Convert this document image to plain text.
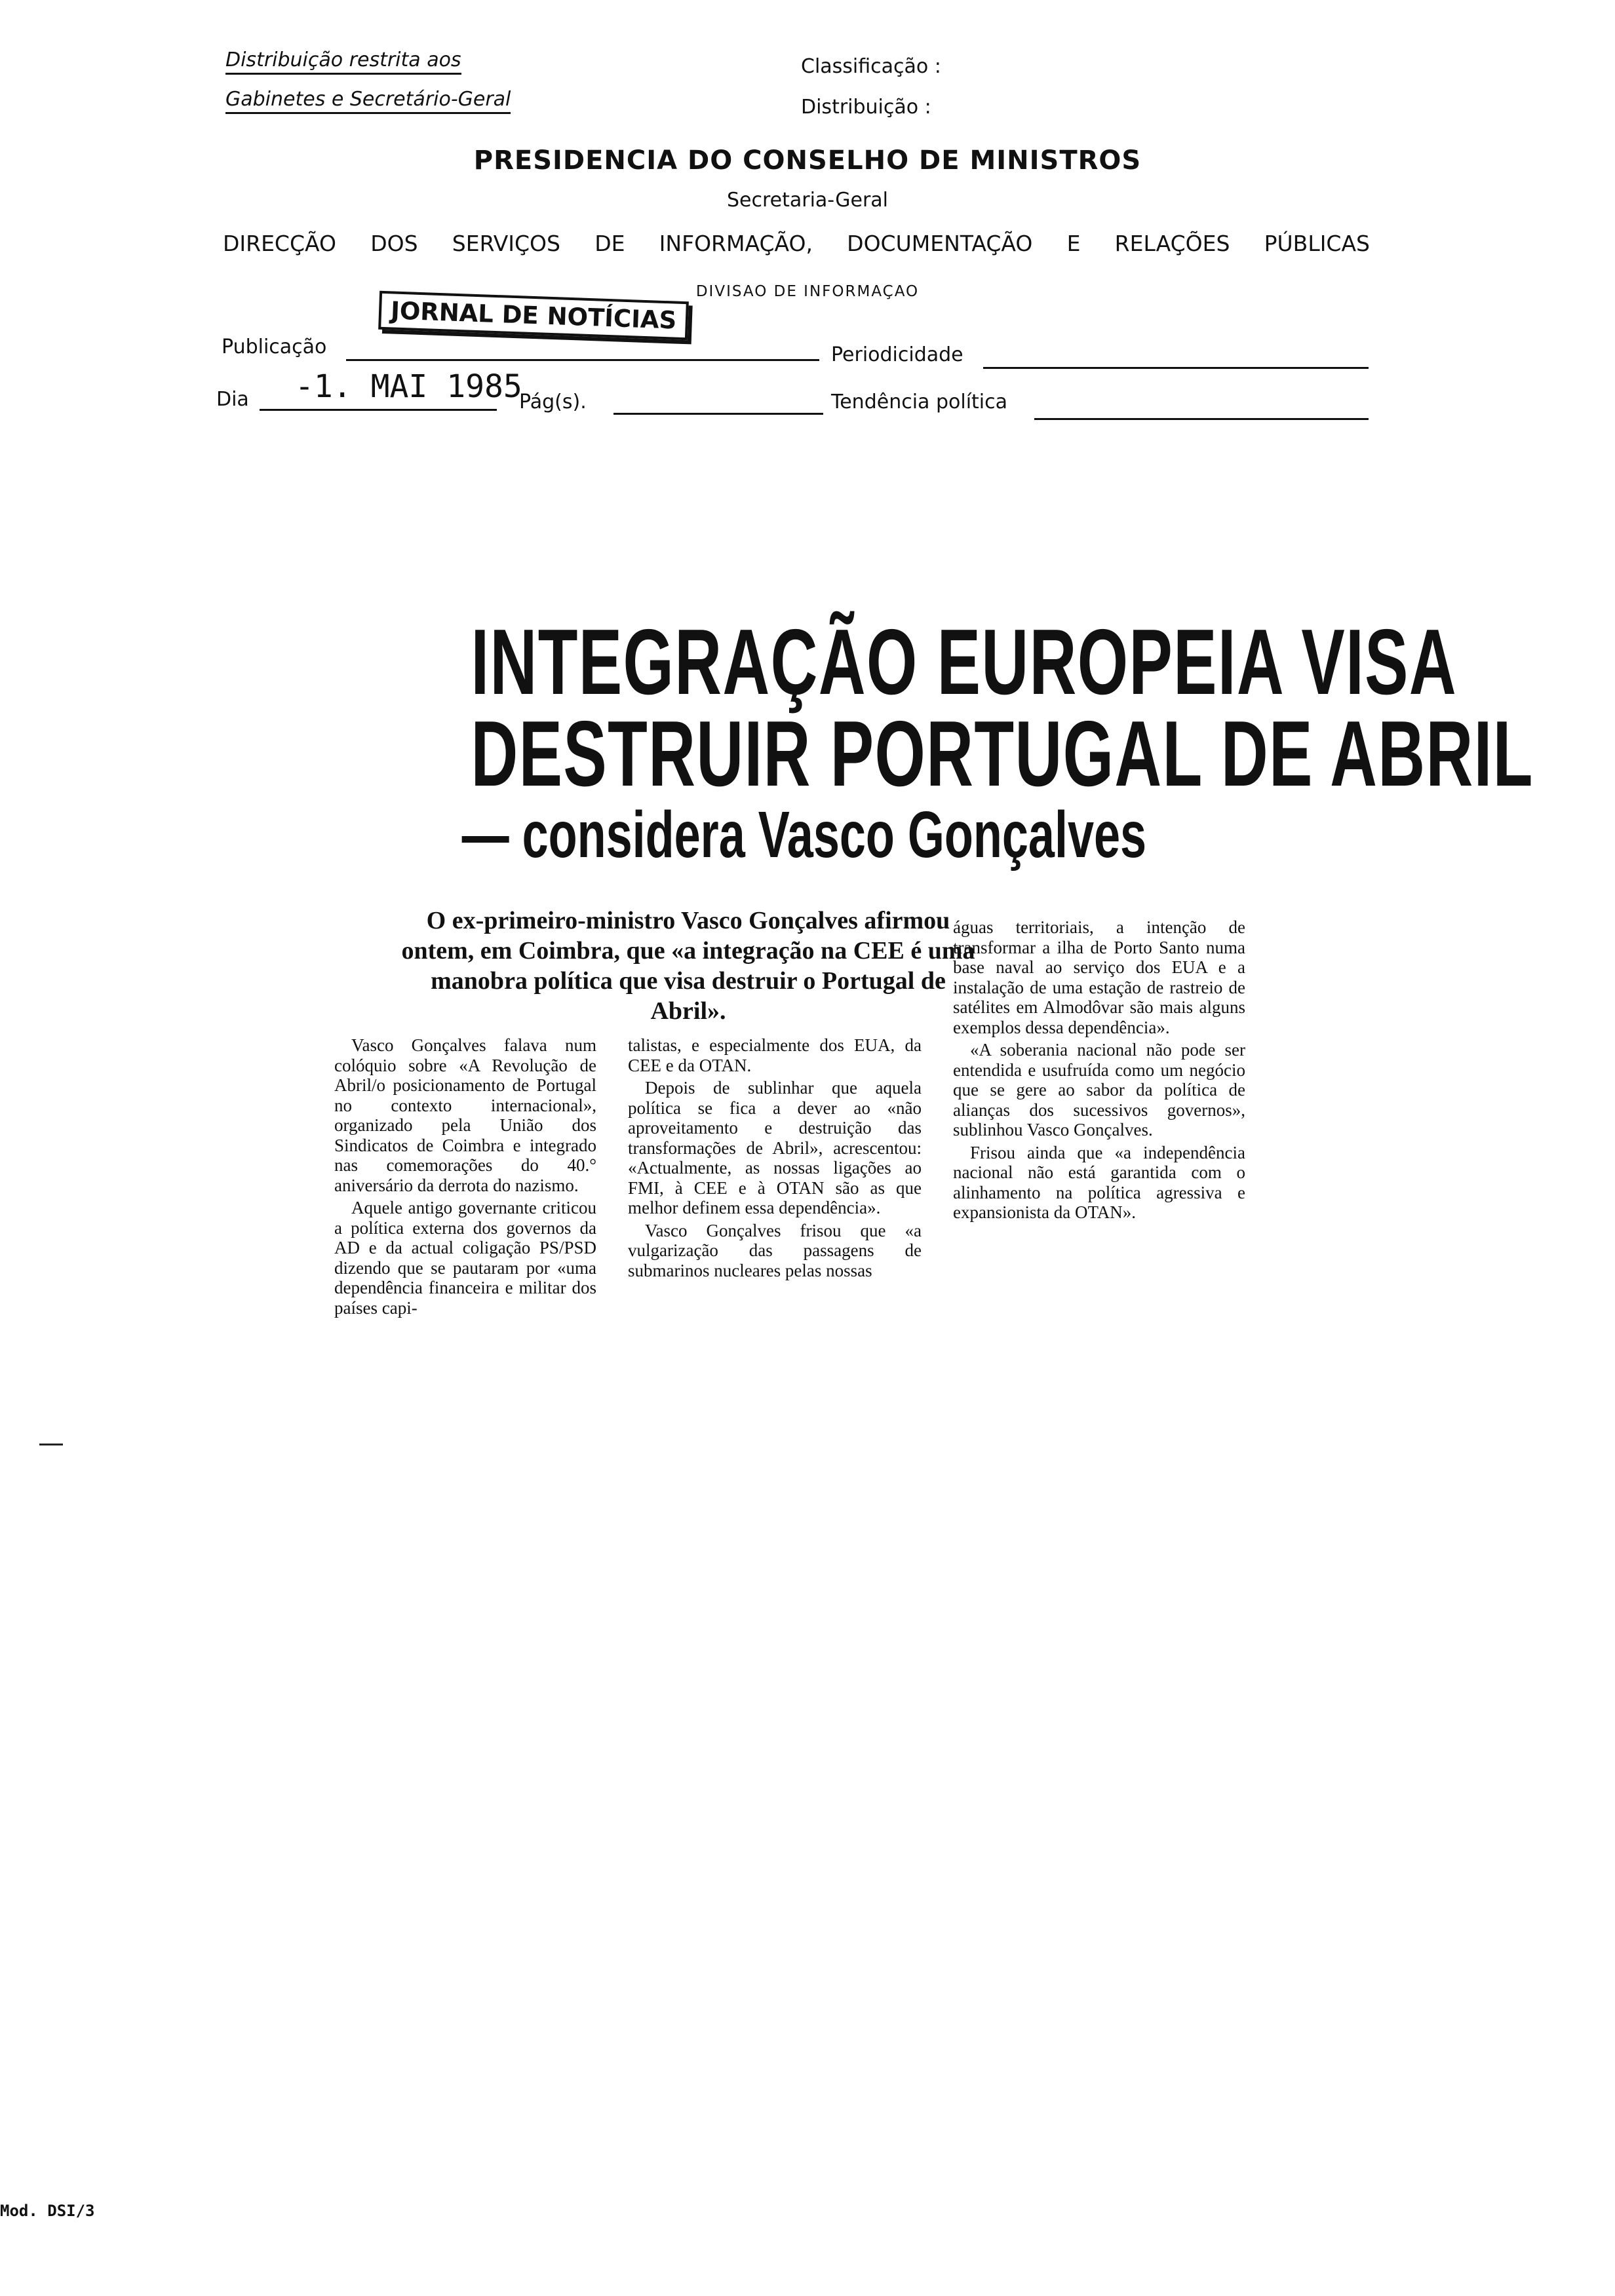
Distribuição restrita aos
Gabinetes e Secretário-Geral
Classificação :
Distribuição :
PRESIDENCIA DO CONSELHO DE MINISTROS
Secretaria-Geral
DIRECÇÃO DOS SERVIÇOS DE INFORMAÇÃO, DOCUMENTAÇÃO E RELAÇÕES PÚBLICAS
DIVISAO DE INFORMAÇAO
Publicação
JORNAL DE NOTÍCIAS
Periodicidade
Dia -1. MAI 1985
Pág(s).	Tendência política
INTEGRAÇÃO EUROPEIA VISA
DESTRUIR PORTUGAL DE ABRIL
— considera Vasco Gonçalves
O ex-primeiro-ministro Vasco Gonçalves afirmou ontem, em Coimbra, que «a integração na CEE é uma manobra política que visa destruir o Portugal de Abril».

Vasco Gonçalves falava num colóquio sobre «A Revolução de Abril/o posicionamento de Portugal no contexto internacional», organizado pela União dos Sindicatos de Coimbra e integrado nas comemorações do 40.° aniversário da derrota do nazismo.

Aquele antigo governante criticou a política externa dos governos da AD e da actual coligação PS/PSD dizendo que se pautaram por «uma dependência financeira e militar dos países capi-

talistas, e especialmente dos EUA, da CEE e da OTAN.

Depois de sublinhar que aquela política se fica a dever ao «não aproveitamento e destruição das transformações de Abril», acrescentou: «Actualmente, as nossas ligações ao FMI, à CEE e à OTAN são as que melhor definem essa dependência».

Vasco Gonçalves frisou que «a vulgarização das passagens de submarinos nucleares pelas nossas

águas territoriais, a intenção de transformar a ilha de Porto Santo numa base naval ao serviço dos EUA e a instalação de uma estação de rastreio de satélites em Almodôvar são mais alguns exemplos dessa dependência».

«A soberania nacional não pode ser entendida e usufruída como um negócio que se gere ao sabor da política de alianças dos sucessivos governos», sublinhou Vasco Gonçalves.

Frisou ainda que «a independência nacional não está garantida com o alinhamento na política agressiva e expansionista da OTAN».

Mod. DSI/3
